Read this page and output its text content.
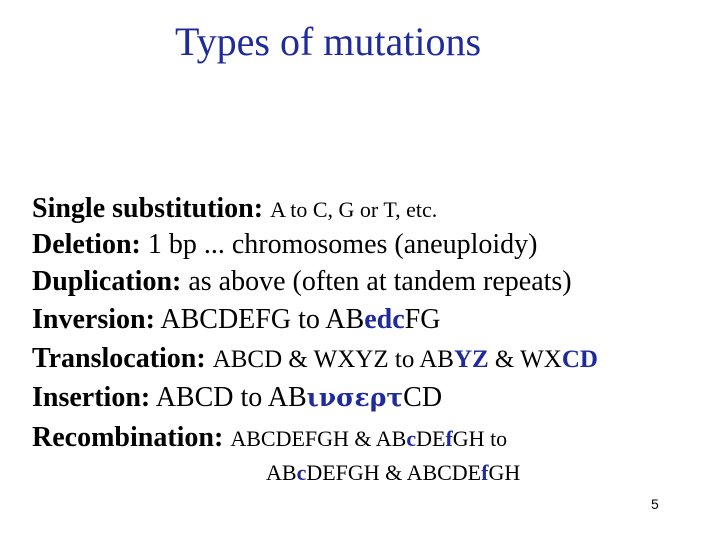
Types of mutations
Single substitution: A to C, G or T, etc.
Deletion: 1 bp ... chromosomes (aneuploidy)
Duplication: as above (often at tandem repeats)
Inversion: ABCDEFG to ABedcFG
Translocation: ABCD & WXYZ to ABYZ & WXCD
Insertion: ABCD to ABινσερτCD
Recombination: ABCDEFGH & ABcDEfGH to
ABcDEFGH & ABCDEfGH
5
